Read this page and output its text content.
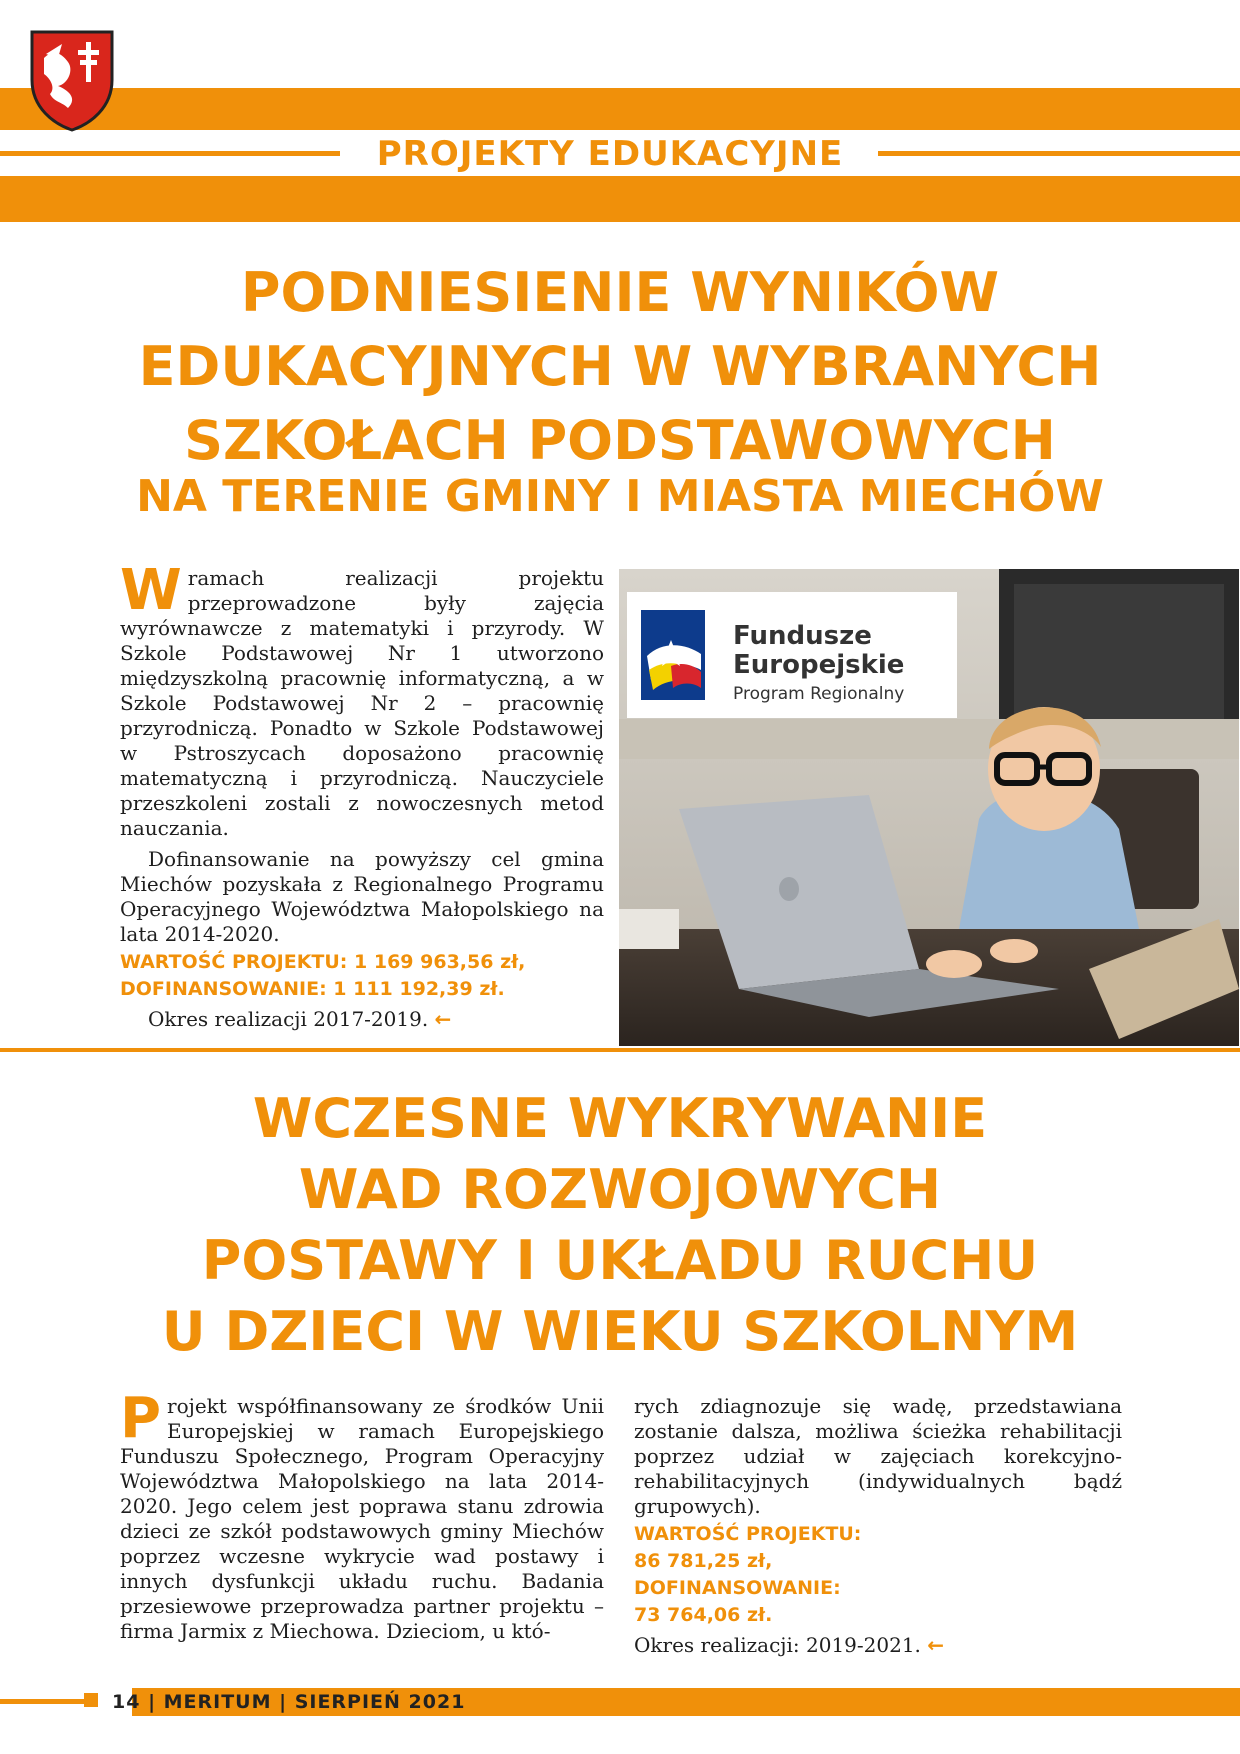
PROJEKTY EDUKACYJNE
PODNIESIENIE WYNIKÓW
EDUKACYJNYCH W WYBRANYCH
SZKOŁACH PODSTAWOWYCH
NA TERENIE GMINY I MIASTA MIECHÓW

Wramach realizacji projektu przeprowadzone były zajęcia wyrównawcze z matematyki i przyrody. W Szkole Podstawowej Nr 1 utworzono międzyszkolną pracownię informatyczną, a w Szkole Podstawowej Nr 2 – pracownię przyrodniczą. Ponadto w Szkole Podstawowej w Pstroszycach doposażono pracownię matematyczną i przyrodniczą. Nauczyciele przeszkoleni zostali z nowoczesnych metod nauczania.

Dofinansowanie na powyższy cel gmina Miechów pozyskała z Regionalnego Programu Operacyjnego Województwa Małopolskiego na lata 2014-2020.

WARTOŚĆ PROJEKTU: 1 169 963,56 zł,
DOFINANSOWANIE: 1 111 192,39 zł.

Okres realizacji 2017-2019. ←

Fundusze
Europejskie
Program Regionalny
WCZESNE WYKRYWANIE
WAD ROZWOJOWYCH
POSTAWY I UKŁADU RUCHU
U DZIECI W WIEKU SZKOLNYM

Projekt współfinansowany ze środków Unii Europejskiej w ramach Europejskiego Funduszu Społecznego, Program Operacyjny Województwa Małopolskiego na lata 2014-2020. Jego celem jest poprawa stanu zdrowia dzieci ze szkół podstawowych gminy Miechów poprzez wczesne wykrycie wad postawy i innych dysfunkcji układu ruchu. Badania przesiewowe przeprowadza partner projektu – firma Jarmix z Miechowa. Dzieciom, u któ-

rych zdiagnozuje się wadę, przedstawiana zostanie dalsza, możliwa ścieżka rehabilitacji poprzez udział w zajęciach korekcyjno-rehabilitacyjnych (indywidualnych bądź grupowych).

WARTOŚĆ PROJEKTU:
86 781,25 zł,
DOFINANSOWANIE:
73 764,06 zł.

Okres realizacji: 2019-2021. ←

14 | MERITUM | SIERPIEŃ 2021
